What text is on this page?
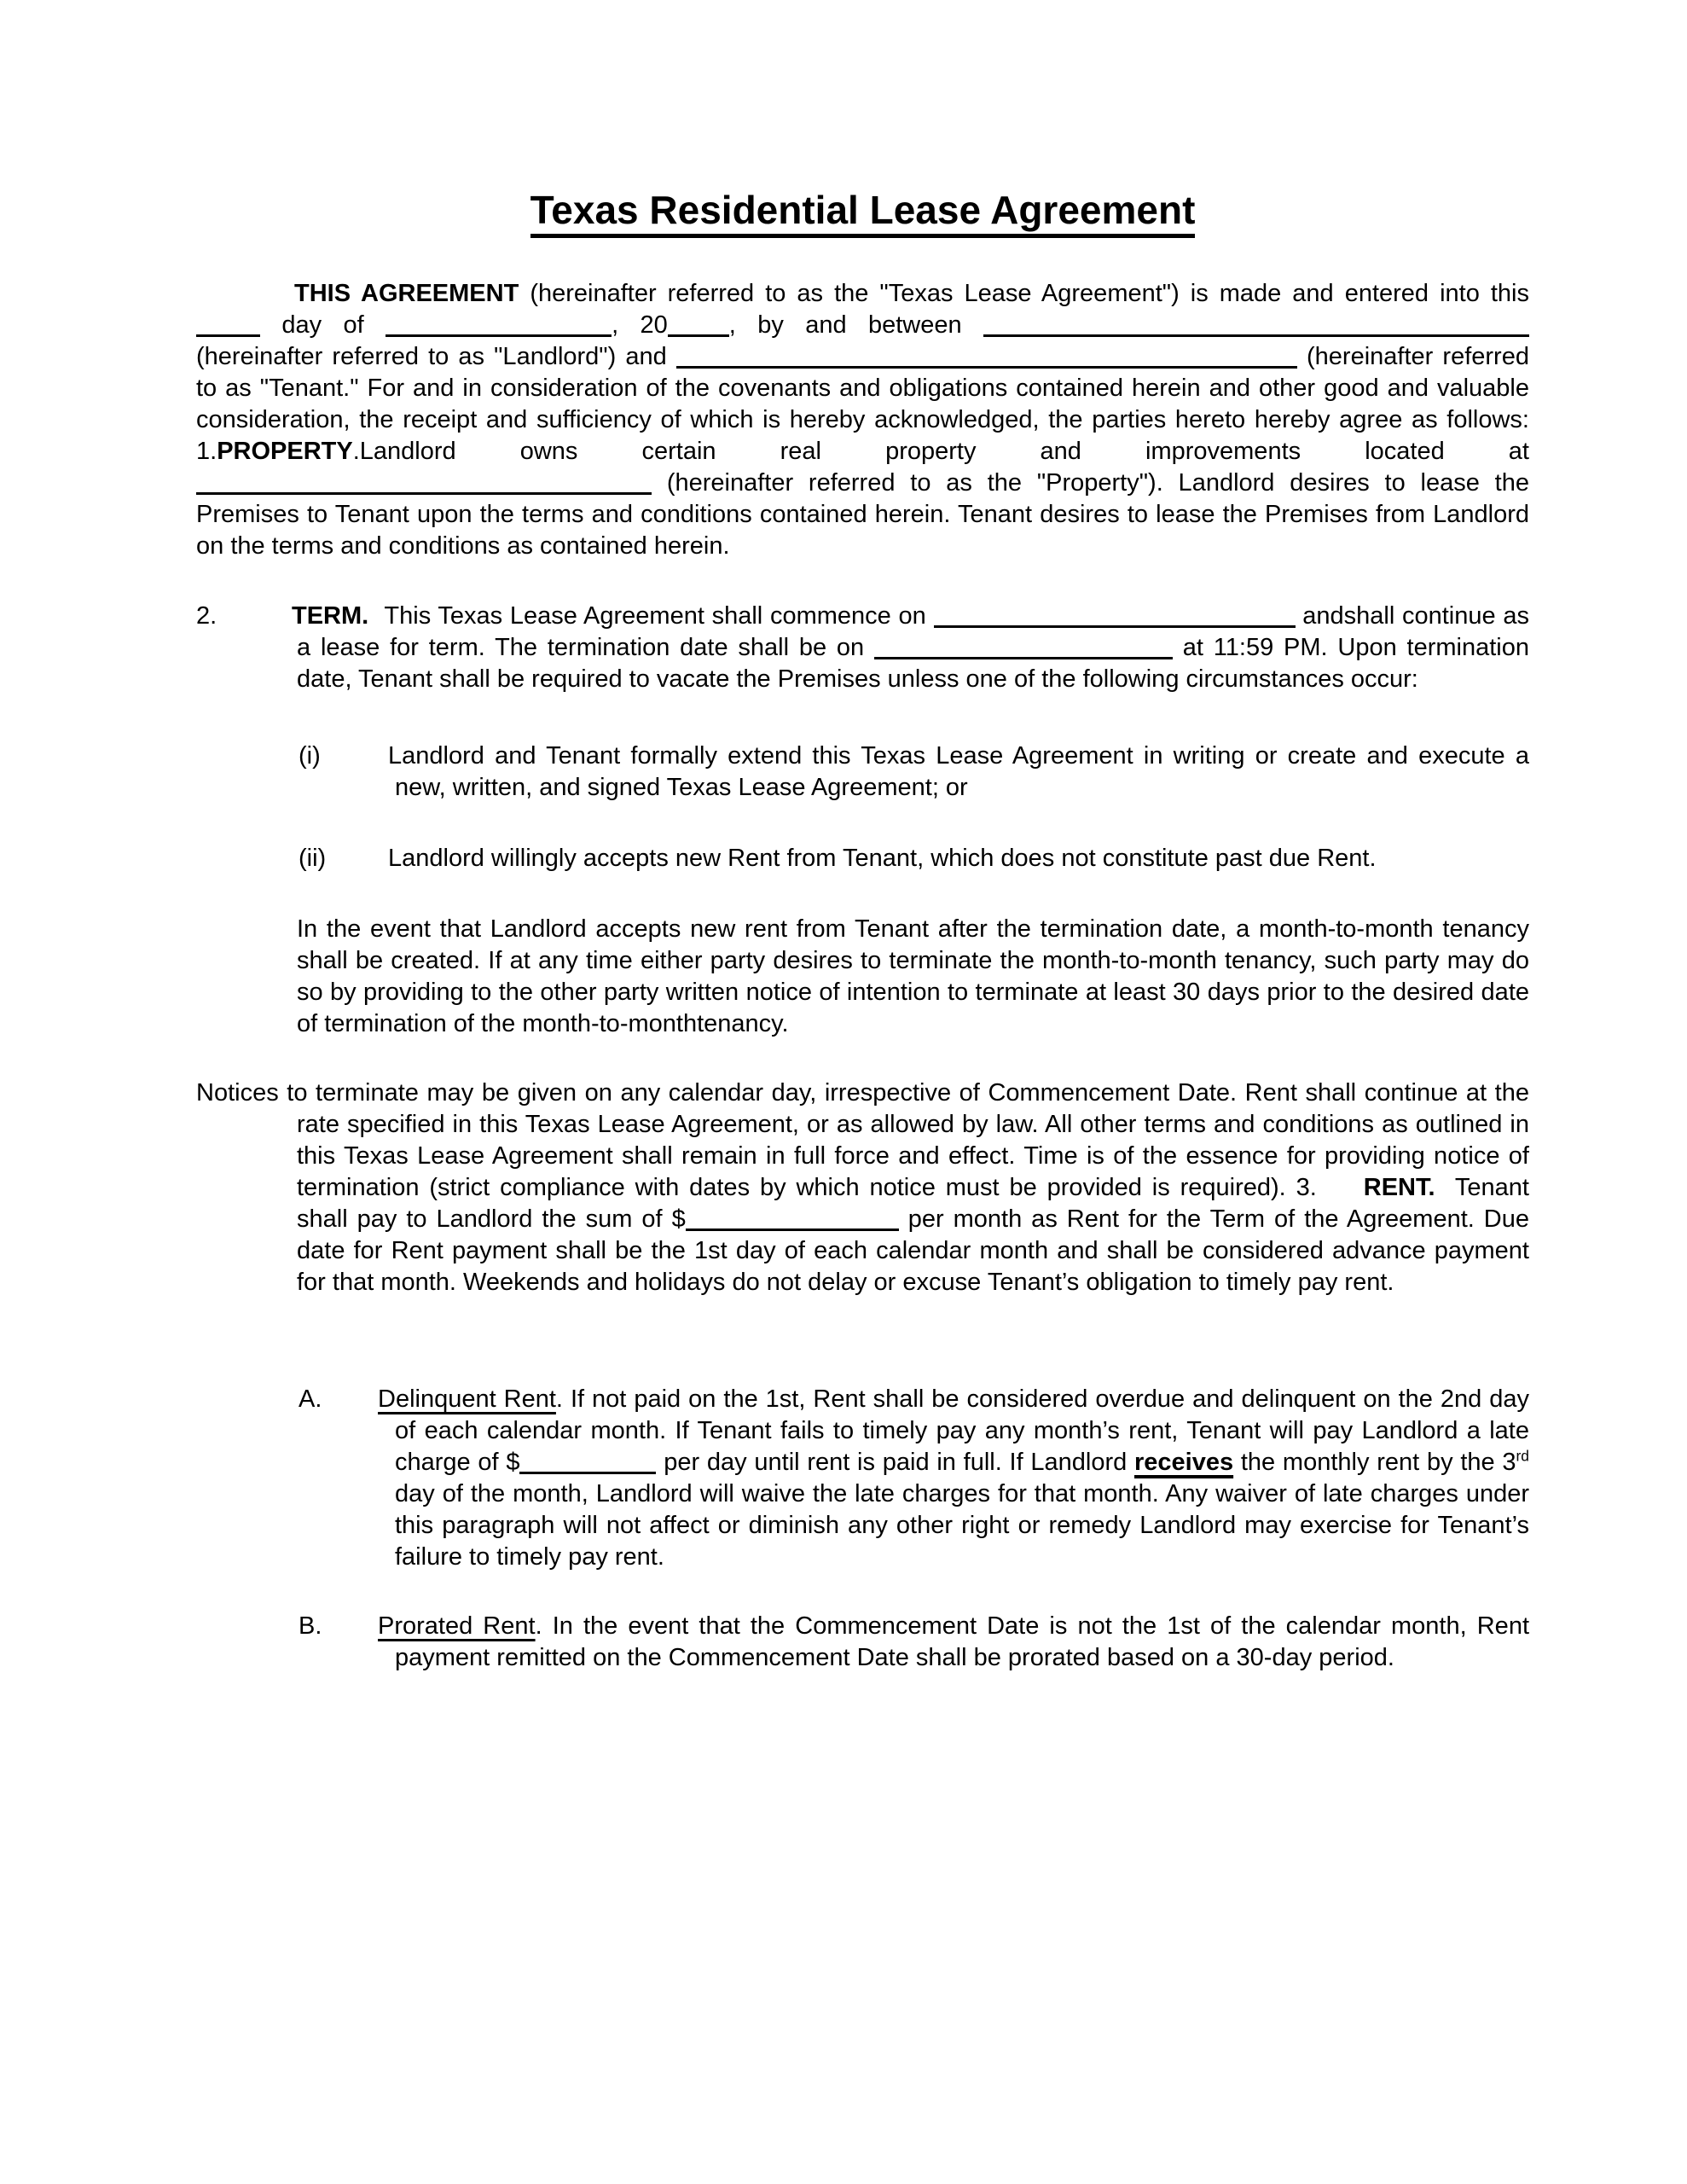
Texas Residential Lease Agreement
THIS AGREEMENT (hereinafter referred to as the "Texas Lease Agreement") is made and entered into this  day of	, 20 , by and between  (hereinafter referred to as "Landlord") and	(hereinafter referred to as "Tenant." For and in consideration of the covenants and obligations contained herein and other good and valuable consideration, the receipt and sufficiency of which is hereby acknowledged, the parties hereto hereby agree as follows: 1.PROPERTY.Landlord owns certain real property and improvements located at  (hereinafter referred to as the "Property"). Landlord desires to lease the Premises to Tenant upon the terms and conditions contained herein. Tenant desires to lease the Premises from Landlord on the terms and conditions as contained herein.
2.	TERM. This Texas Lease Agreement shall commence on	andshall continue as a lease for term. The termination date shall be on	at 11:59 PM. Upon termination date, Tenant shall be required to vacate the Premises unless one of the following circumstances occur:
(i)	Landlord and Tenant formally extend this Texas Lease Agreement in writing or create and execute a new, written, and signed Texas Lease Agreement; or
(ii)	Landlord willingly accepts new Rent from Tenant, which does not constitute past due Rent.
In the event that Landlord accepts new rent from Tenant after the termination date, a month-to-month tenancy shall be created. If at any time either party desires to terminate the month-to-month tenancy, such party may do so by providing to the other party written notice of intention to terminate at least 30 days prior to the desired date of termination of the month-to-monthtenancy.
Notices to terminate may be given on any calendar day, irrespective of Commencement Date. Rent shall continue at the rate specified in this Texas Lease Agreement, or as allowed by law. All other terms and conditions as outlined in this Texas Lease Agreement shall remain in full force and effect. Time is of the essence for providing notice of termination (strict compliance with dates by which notice must be provided is required). 3. RENT. Tenant shall pay to Landlord the sum of $	per month as Rent for the Term of the Agreement. Due date for Rent payment shall be the 1st day of each calendar month and shall be considered advance payment for that month. Weekends and holidays do not delay or excuse Tenant’s obligation to timely pay rent.
A. Delinquent Rent. If not paid on the 1st, Rent shall be considered overdue and delinquent on the 2nd day of each calendar month. If Tenant fails to timely pay any month’s rent, Tenant will pay Landlord a late charge of $	per day until rent is paid in full. If Landlord receives the monthly rent by the 3rd day of the month, Landlord will waive the late charges for that month. Any waiver of late charges under this paragraph will not affect or diminish any other right or remedy Landlord may exercise for Tenant’s failure to timely pay rent.
B. Prorated Rent. In the event that the Commencement Date is not the 1st of the calendar month, Rent payment remitted on the Commencement Date shall be prorated based on a 30-day period.
